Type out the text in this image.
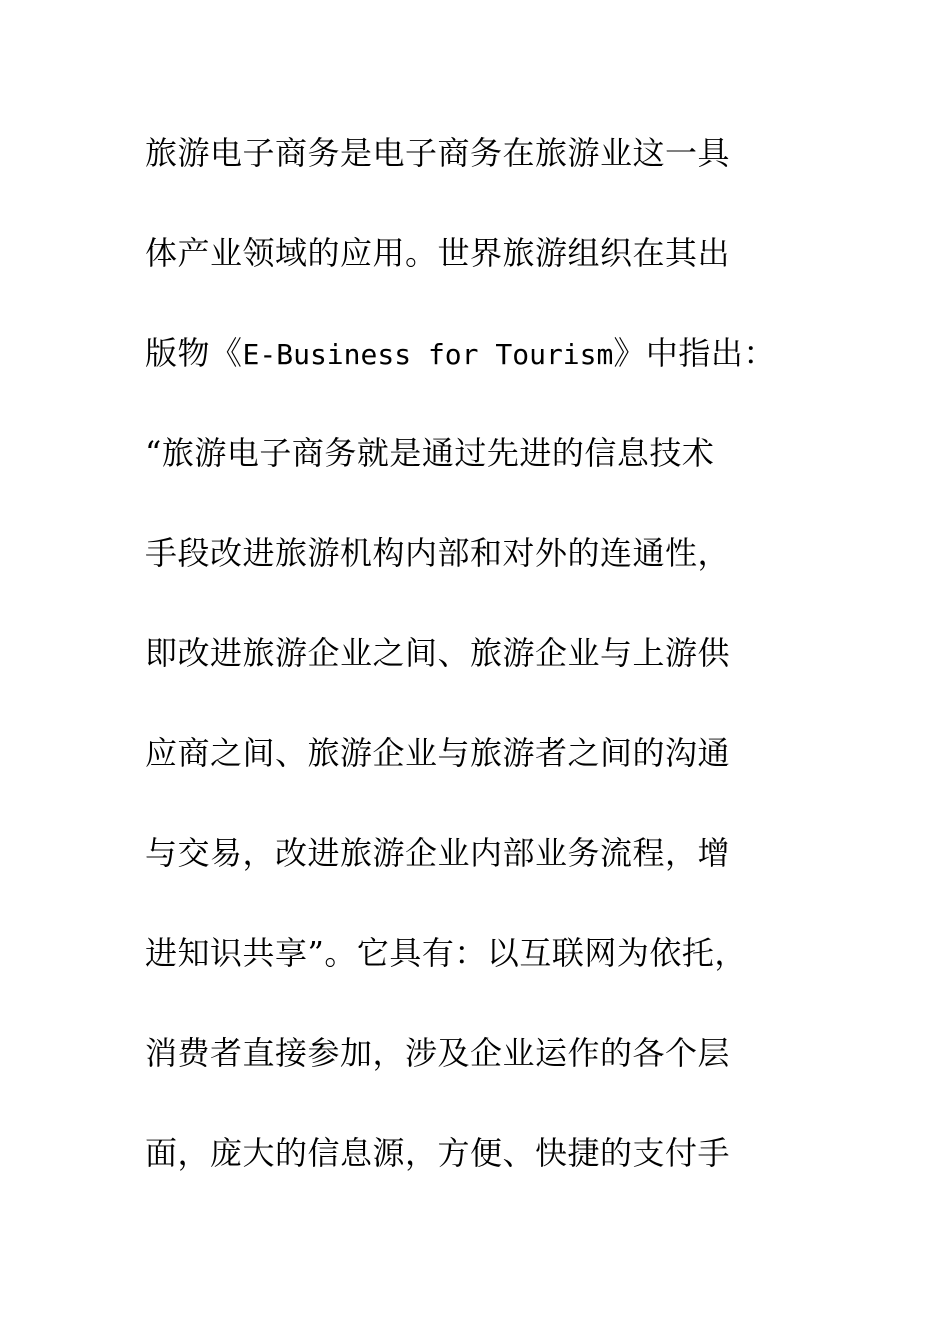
旅游电子商务是电子商务在旅游业这一具
体产业领域的应用。世界旅游组织在其出
版物《E-Business for Tourism》中指出：
“旅游电子商务就是通过先进的信息技术
手段改进旅游机构内部和对外的连通性，
即改进旅游企业之间、旅游企业与上游供
应商之间、旅游企业与旅游者之间的沟通
与交易，改进旅游企业内部业务流程，增
进知识共享”。它具有：以互联网为依托，
消费者直接参加，涉及企业运作的各个层
面，庞大的信息源，方便、快捷的支付手
